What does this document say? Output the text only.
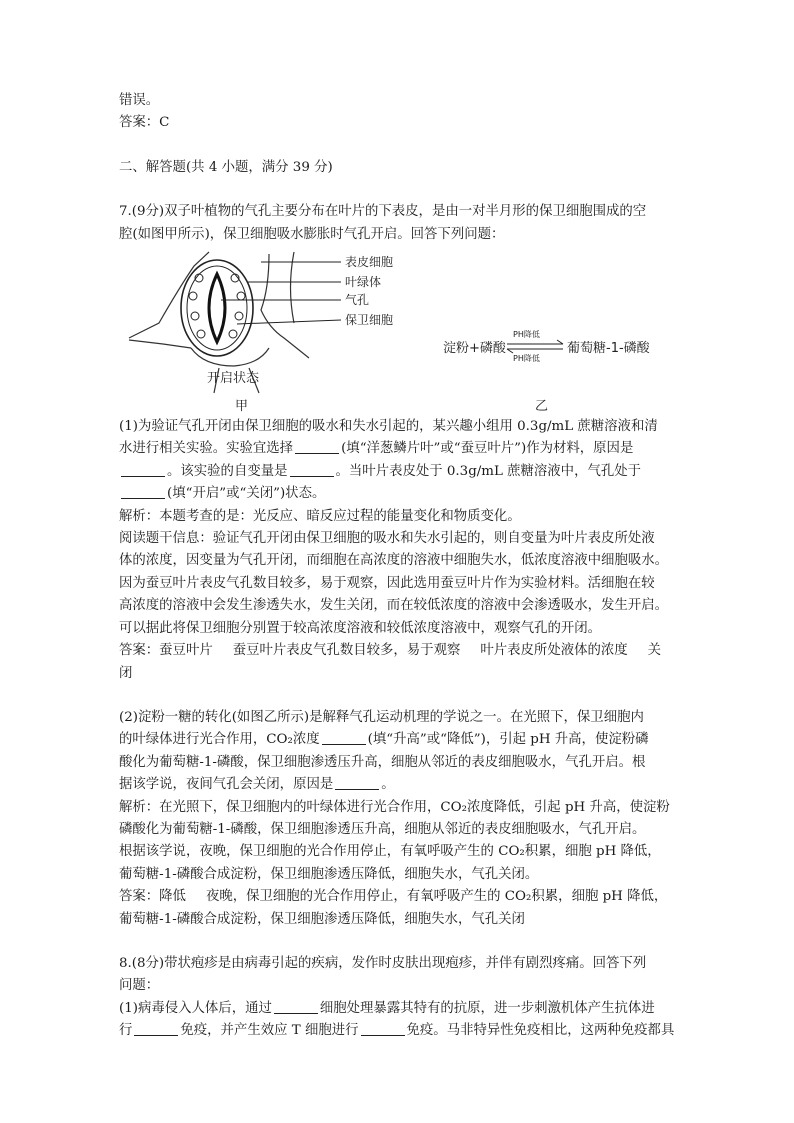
错误。

答案：C

二、解答题(共 4 小题，满分 39 分)

7.(9分)双子叶植物的气孔主要分布在叶片的下表皮，是由一对半月形的保卫细胞围成的空

腔(如图甲所示)，保卫细胞吸水膨胀时气孔开启。回答下列问题：

表皮细胞
叶绿体
气孔
保卫细胞
开启状态
甲
淀粉+磷酸
PH降低
PH降低
葡萄糖-1-磷酸
乙

(1)为验证气孔开闭由保卫细胞的吸水和失水引起的，某兴趣小组用 0.3g/mL 蔗糖溶液和清

水进行相关实验。实验宜选择	(填“洋葱鳞片叶”或“蚕豆叶片”)作为材料，原因是

。该实验的自变量是	。当叶片表皮处于 0.3g/mL 蔗糖溶液中，气孔处于

(填“开启”或“关闭”)状态。

解析：本题考查的是：光反应、暗反应过程的能量变化和物质变化。

阅读题干信息：验证气孔开闭由保卫细胞的吸水和失水引起的，则自变量为叶片表皮所处液

体的浓度，因变量为气孔开闭，而细胞在高浓度的溶液中细胞失水，低浓度溶液中细胞吸水。

因为蚕豆叶片表皮气孔数目较多，易于观察，因此选用蚕豆叶片作为实验材料。活细胞在较

高浓度的溶液中会发生渗透失水，发生关闭，而在较低浓度的溶液中会渗透吸水，发生开启。

可以据此将保卫细胞分别置于较高浓度溶液和较低浓度溶液中，观察气孔的开闭。

答案：蚕豆叶片 蚕豆叶片表皮气孔数目较多，易于观察 叶片表皮所处液体的浓度 关

闭

(2)淀粉一糖的转化(如图乙所示)是解释气孔运动机理的学说之一。在光照下，保卫细胞内

的叶绿体进行光合作用，CO₂浓度	(填“升高”或“降低”)，引起 pH 升高，使淀粉磷

酸化为葡萄糖-1-磷酸，保卫细胞渗透压升高，细胞从邻近的表皮细胞吸水，气孔开启。根

据该学说，夜间气孔会关闭，原因是	。

解析：在光照下，保卫细胞内的叶绿体进行光合作用，CO₂浓度降低，引起 pH 升高，使淀粉

磷酸化为葡萄糖-1-磷酸，保卫细胞渗透压升高，细胞从邻近的表皮细胞吸水，气孔开启。

根据该学说，夜晚，保卫细胞的光合作用停止，有氧呼吸产生的 CO₂积累，细胞 pH 降低，

葡萄糖-1-磷酸合成淀粉，保卫细胞渗透压降低，细胞失水，气孔关闭。

答案：降低 夜晚，保卫细胞的光合作用停止，有氧呼吸产生的 CO₂积累，细胞 pH 降低，

葡萄糖-1-磷酸合成淀粉，保卫细胞渗透压降低，细胞失水，气孔关闭

8.(8分)带状疱疹是由病毒引起的疾病，发作时皮肤出现疱疹，并伴有剧烈疼痛。回答下列

问题：

(1)病毒侵入人体后，通过	细胞处理暴露其特有的抗原，进一步刺激机体产生抗体进

行	免疫，并产生效应 T 细胞进行	免疫。马非特异性免疫相比，这两种免疫都具
